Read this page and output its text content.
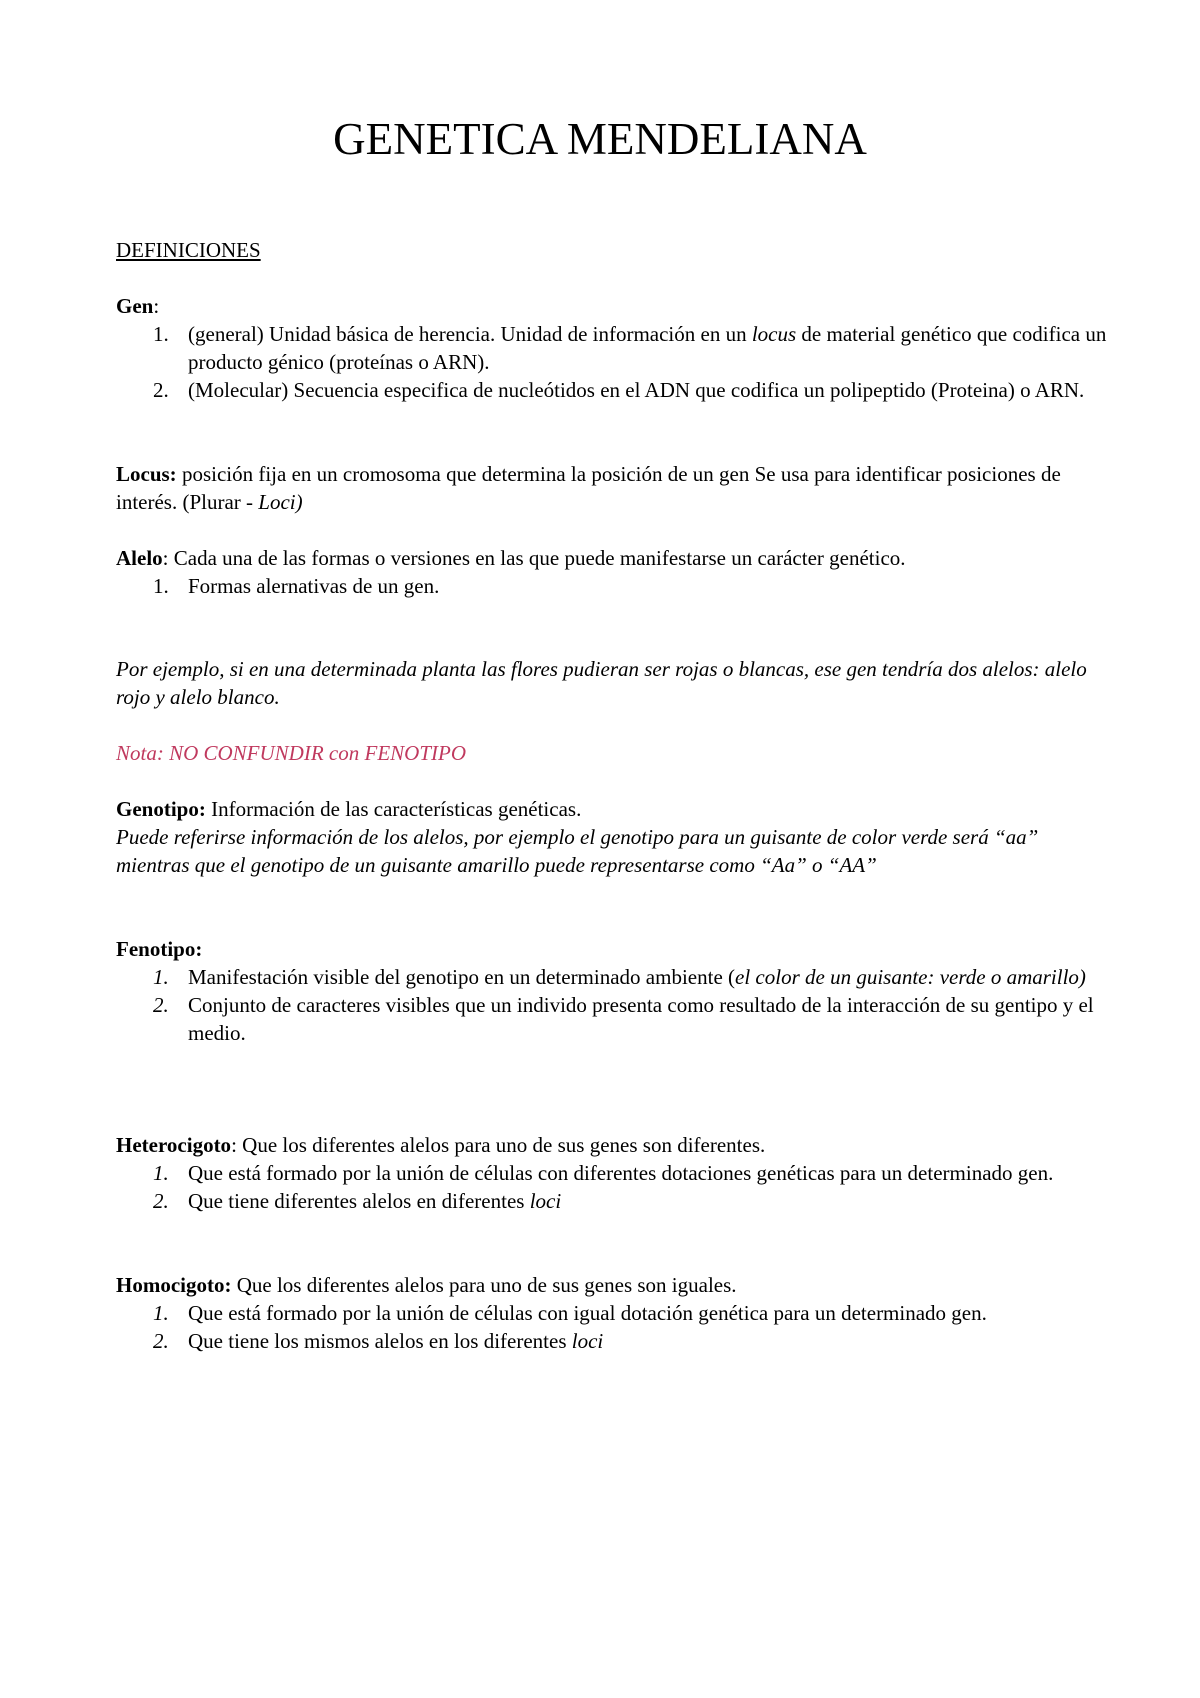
GENETICA MENDELIANA
DEFINICIONES

Gen:

1. (general) Unidad básica de herencia. Unidad de información en un locus de material genético que codifica un producto génico (proteínas o ARN).
2. (Molecular) Secuencia especifica de nucleótidos en el ADN que codifica un polipeptido (Proteina) o ARN.

Locus: posición fija en un cromosoma que determina la posición de un gen Se usa para identificar posiciones de interés. (Plurar - Loci)

Alelo: Cada una de las formas o versiones en las que puede manifestarse un carácter genético.

1. Formas alernativas de un gen.

Por ejemplo, si en una determinada planta las flores pudieran ser rojas o blancas, ese gen tendría dos alelos: alelo rojo y alelo blanco.

Nota: NO CONFUNDIR con FENOTIPO

Genotipo: Información de las características genéticas.

Puede referirse información de los alelos, por ejemplo el genotipo para un guisante de color verde será “aa” mientras que el genotipo de un guisante amarillo puede representarse como “Aa” o “AA”

Fenotipo:

1. Manifestación visible del genotipo en un determinado ambiente (el color de un guisante: verde o amarillo)
2. Conjunto de caracteres visibles que un individo presenta como resultado de la interacción de su gentipo y el medio.

Heterocigoto: Que los diferentes alelos para uno de sus genes son diferentes.

1. Que está formado por la unión de células con diferentes dotaciones genéticas para un determinado gen.
2. Que tiene diferentes alelos en diferentes loci

Homocigoto: Que los diferentes alelos para uno de sus genes son iguales.

1. Que está formado por la unión de células con igual dotación genética para un determinado gen.
2. Que tiene los mismos alelos en los diferentes loci
